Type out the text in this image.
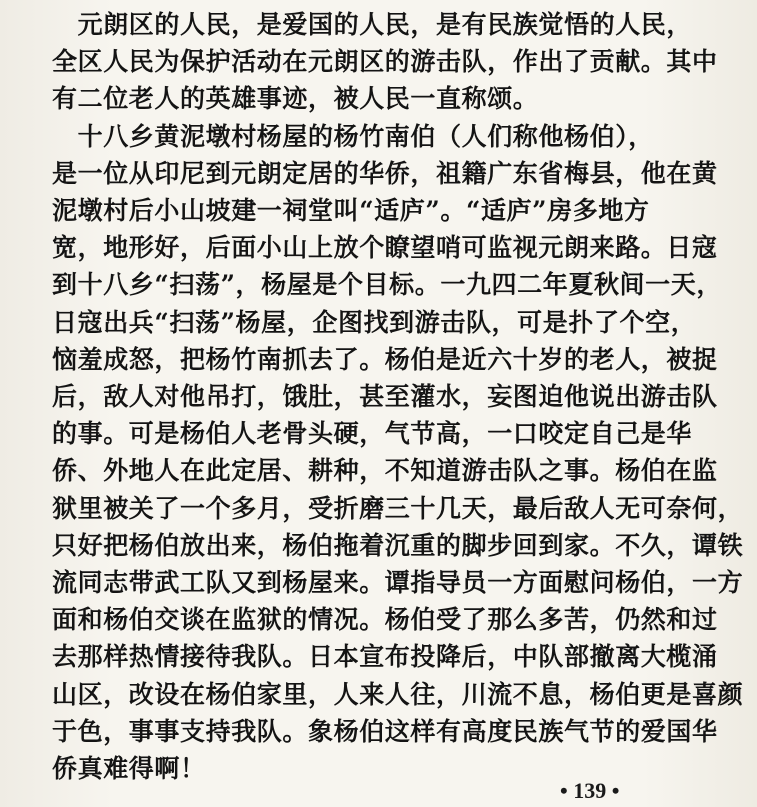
　元朗区的人民，是爱国的人民，是有民族觉悟的人民，
全区人民为保护活动在元朗区的游击队，作出了贡献。其中
有二位老人的英雄事迹，被人民一直称颂。
　十八乡黄泥墩村杨屋的杨竹南伯（人们称他杨伯），
是一位从印尼到元朗定居的华侨，祖籍广东省梅县，他在黄
泥墩村后小山坡建一祠堂叫“适庐”。“适庐”房多地方
宽，地形好，后面小山上放个瞭望哨可监视元朗来路。日寇
到十八乡“扫荡”，杨屋是个目标。一九四二年夏秋间一天，
日寇出兵“扫荡”杨屋，企图找到游击队，可是扑了个空，
恼羞成怒，把杨竹南抓去了。杨伯是近六十岁的老人，被捉
后，敌人对他吊打，饿肚，甚至灌水，妄图迫他说出游击队
的事。可是杨伯人老骨头硬，气节高，一口咬定自己是华
侨、外地人在此定居、耕种，不知道游击队之事。杨伯在监
狱里被关了一个多月，受折磨三十几天，最后敌人无可奈何，
只好把杨伯放出来，杨伯拖着沉重的脚步回到家。不久，谭铁
流同志带武工队又到杨屋来。谭指导员一方面慰问杨伯，一方
面和杨伯交谈在监狱的情况。杨伯受了那么多苦，仍然和过
去那样热情接待我队。日本宣布投降后，中队部撤离大榄涌
山区，改设在杨伯家里，人来人往，川流不息，杨伯更是喜颜
于色，事事支持我队。象杨伯这样有高度民族气节的爱国华
侨真难得啊！
• 139 •
